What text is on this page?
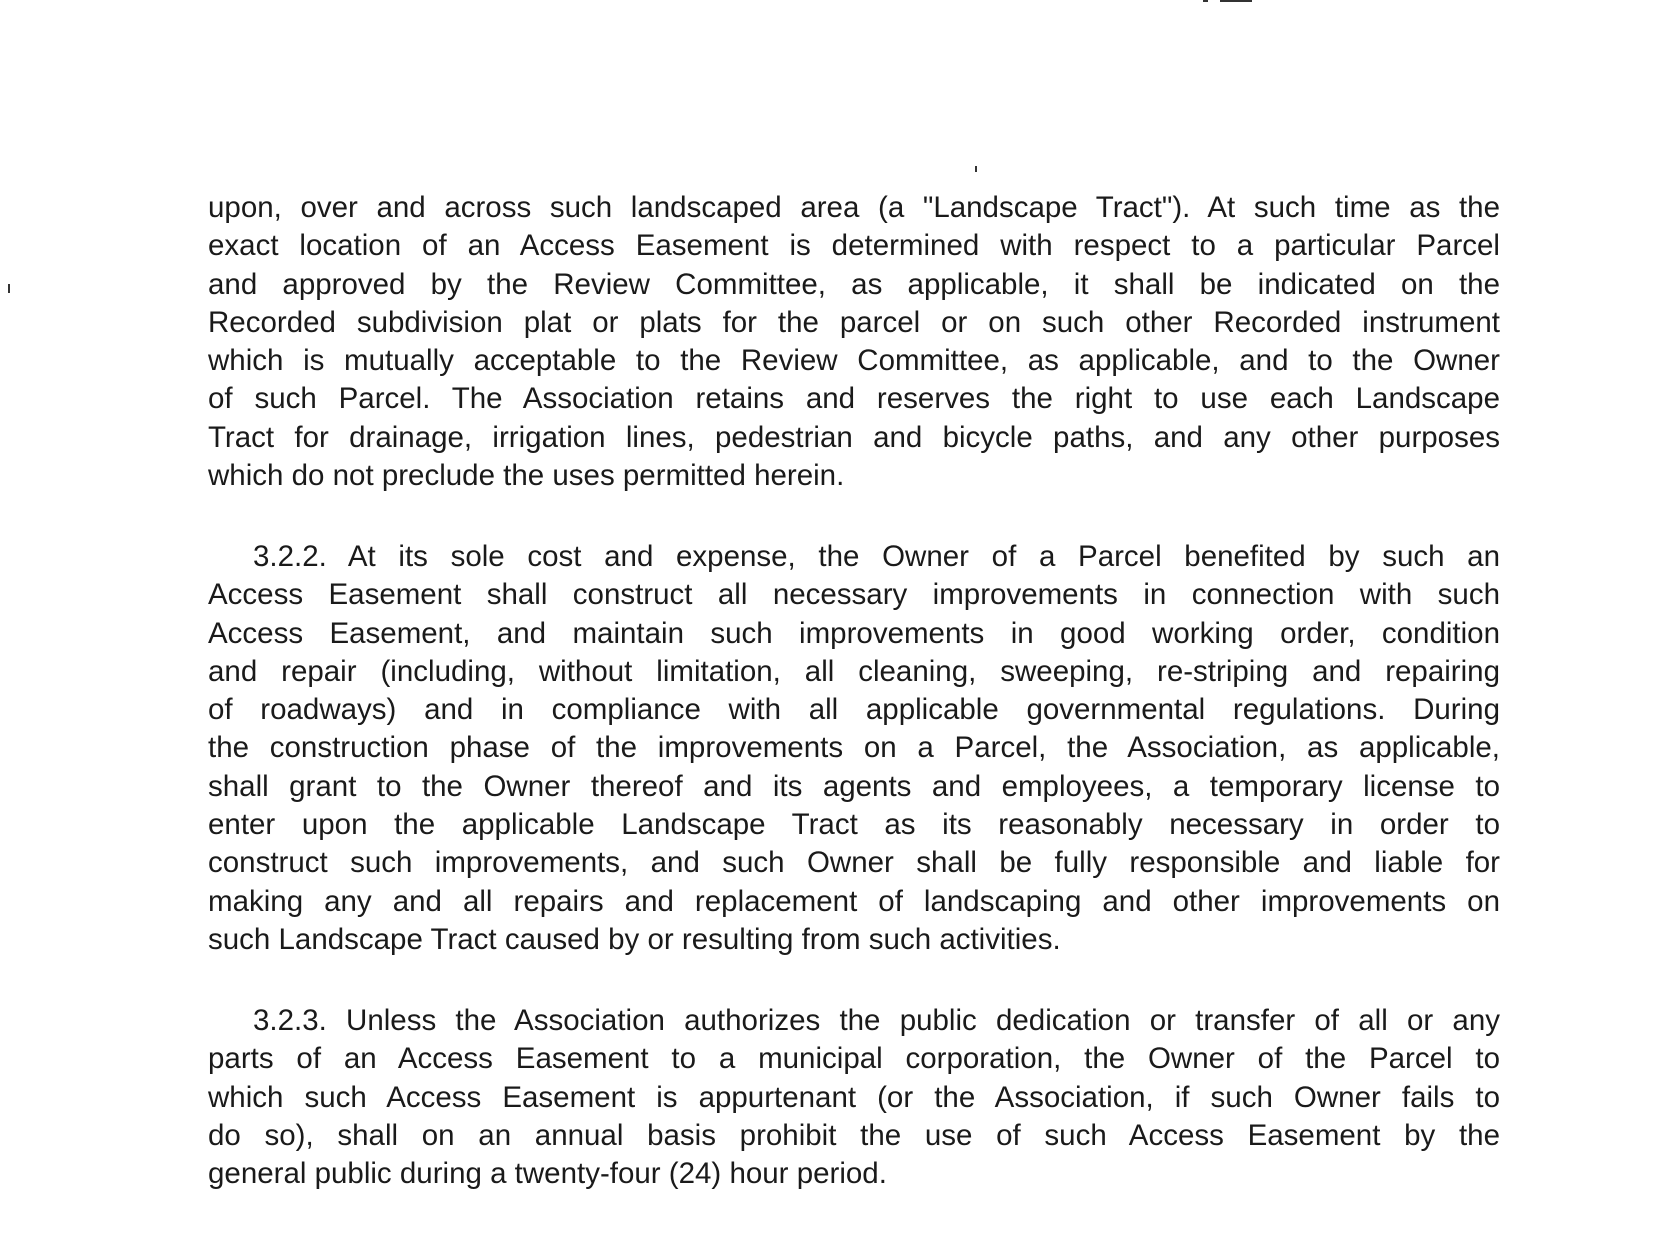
upon, over and across such landscaped area (a "Landscape Tract"). At such time as the
exact location of an Access Easement is determined with respect to a particular Parcel
and approved by the Review Committee, as applicable, it shall be indicated on the
Recorded subdivision plat or plats for the parcel or on such other Recorded instrument
which is mutually acceptable to the Review Committee, as applicable, and to the Owner
of such Parcel. The Association retains and reserves the right to use each Landscape
Tract for drainage, irrigation lines, pedestrian and bicycle paths, and any other purposes
which do not preclude the uses permitted herein.
3.2.2. At its sole cost and expense, the Owner of a Parcel benefited by such an
Access Easement shall construct all necessary improvements in connection with such
Access Easement, and maintain such improvements in good working order, condition
and repair (including, without limitation, all cleaning, sweeping, re-striping and repairing
of roadways) and in compliance with all applicable governmental regulations. During
the construction phase of the improvements on a Parcel, the Association, as applicable,
shall grant to the Owner thereof and its agents and employees, a temporary license to
enter upon the applicable Landscape Tract as its reasonably necessary in order to
construct such improvements, and such Owner shall be fully responsible and liable for
making any and all repairs and replacement of landscaping and other improvements on
such Landscape Tract caused by or resulting from such activities.
3.2.3. Unless the Association authorizes the public dedication or transfer of all or any
parts of an Access Easement to a municipal corporation, the Owner of the Parcel to
which such Access Easement is appurtenant (or the Association, if such Owner fails to
do so), shall on an annual basis prohibit the use of such Access Easement by the
general public during a twenty-four (24) hour period.
